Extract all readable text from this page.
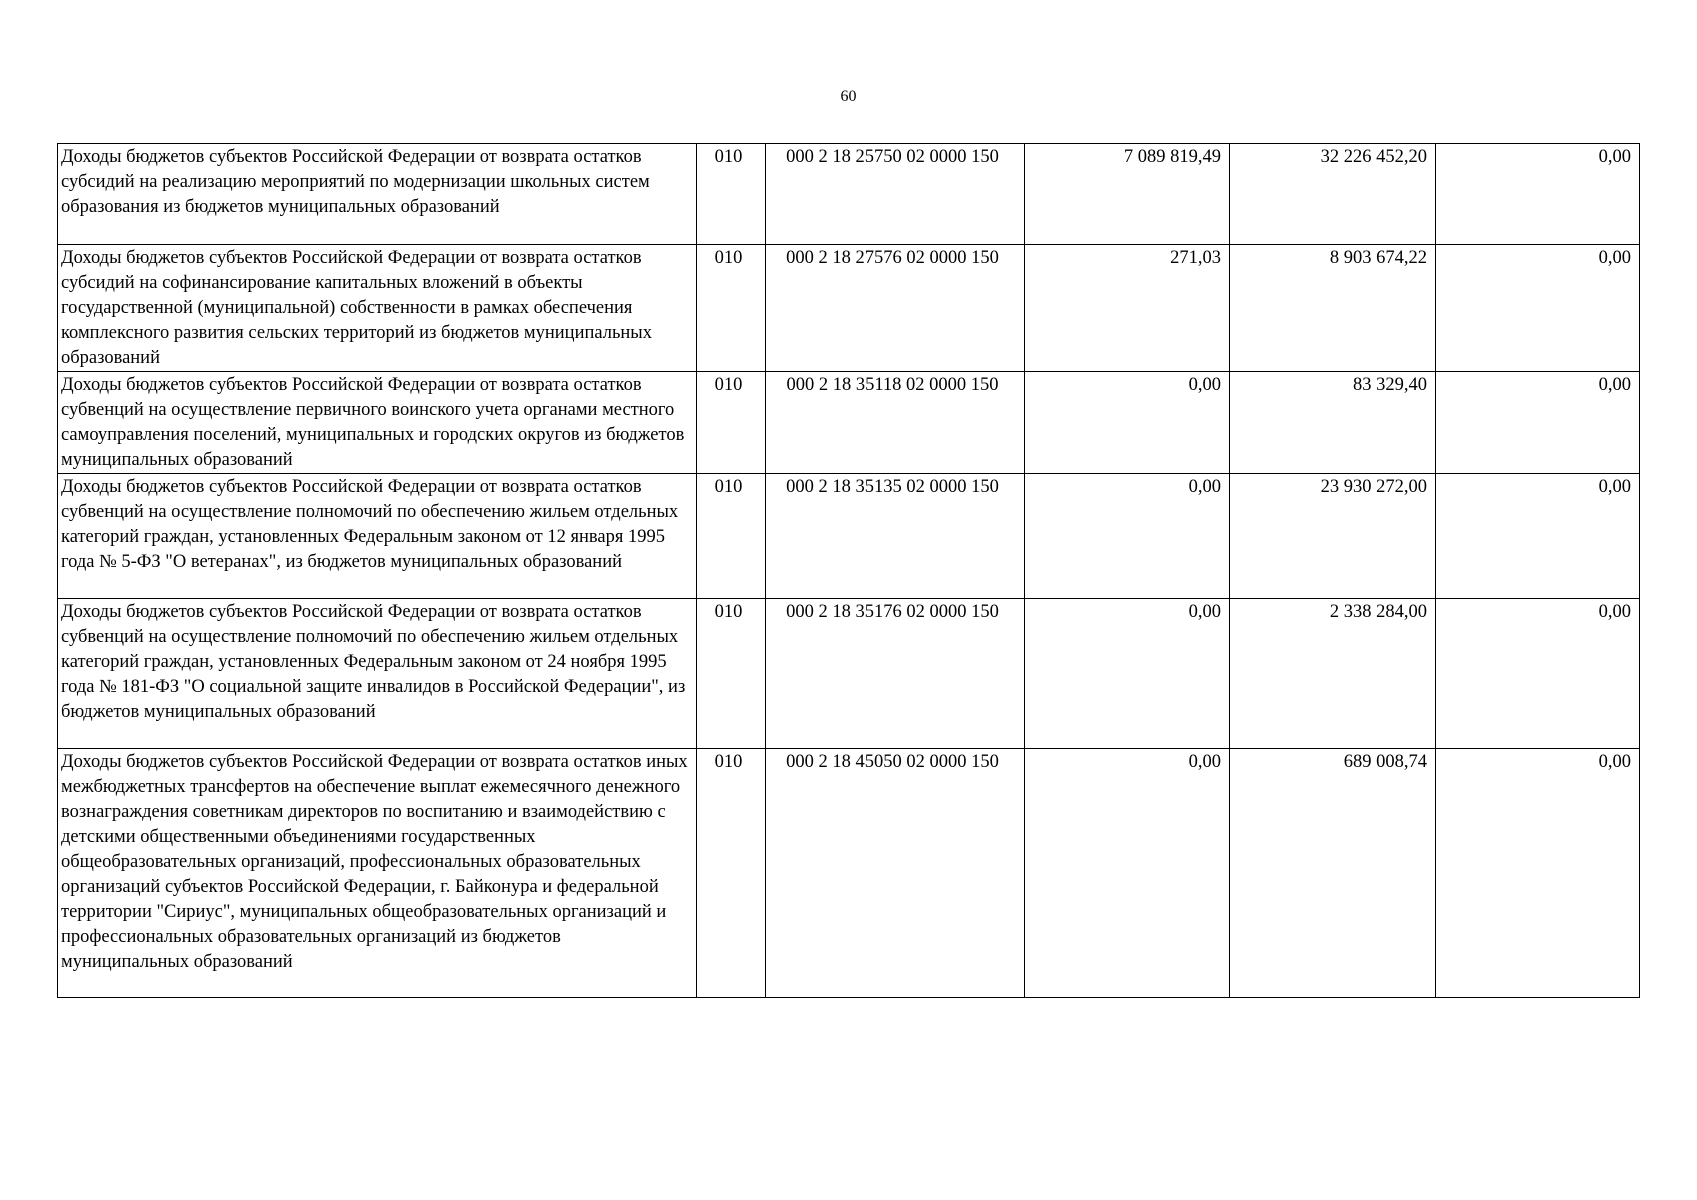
60
Доходы бюджетов субъектов Российской Федерации от возврата остатков субсидий на реализацию мероприятий по модернизации школьных систем образования из бюджетов муниципальных образований	010	000 2 18 25750 02 0000 150	7 089 819,49	32 226 452,20	0,00
Доходы бюджетов субъектов Российской Федерации от возврата остатков субсидий на софинансирование капитальных вложений в объекты государственной (муниципальной) собственности в рамках обеспечения комплексного развития сельских территорий из бюджетов муниципальных образований	010	000 2 18 27576 02 0000 150	271,03	8 903 674,22	0,00
Доходы бюджетов субъектов Российской Федерации от возврата остатков субвенций на осуществление первичного воинского учета органами местного самоуправления поселений, муниципальных и городских округов из бюджетов муниципальных образований	010	000 2 18 35118 02 0000 150	0,00	83 329,40	0,00
Доходы бюджетов субъектов Российской Федерации от возврата остатков субвенций на осуществление полномочий по обеспечению жильем отдельных категорий граждан, установленных Федеральным законом от 12 января 1995 года № 5-ФЗ "О ветеранах", из бюджетов муниципальных образований	010	000 2 18 35135 02 0000 150	0,00	23 930 272,00	0,00
Доходы бюджетов субъектов Российской Федерации от возврата остатков субвенций на осуществление полномочий по обеспечению жильем отдельных категорий граждан, установленных Федеральным законом от 24 ноября 1995 года № 181-ФЗ "О социальной защите инвалидов в Российской Федерации", из бюджетов муниципальных образований	010	000 2 18 35176 02 0000 150	0,00	2 338 284,00	0,00
Доходы бюджетов субъектов Российской Федерации от возврата остатков иных межбюджетных трансфертов на обеспечение выплат ежемесячного денежного вознаграждения советникам директоров по воспитанию и взаимодействию с детскими общественными объединениями государственных общеобразовательных организаций, профессиональных образовательных организаций субъектов Российской Федерации, г. Байконура и федеральной территории "Сириус", муниципальных общеобразовательных организаций и профессиональных образовательных организаций из бюджетов муниципальных образований	010	000 2 18 45050 02 0000 150	0,00	689 008,74	0,00
